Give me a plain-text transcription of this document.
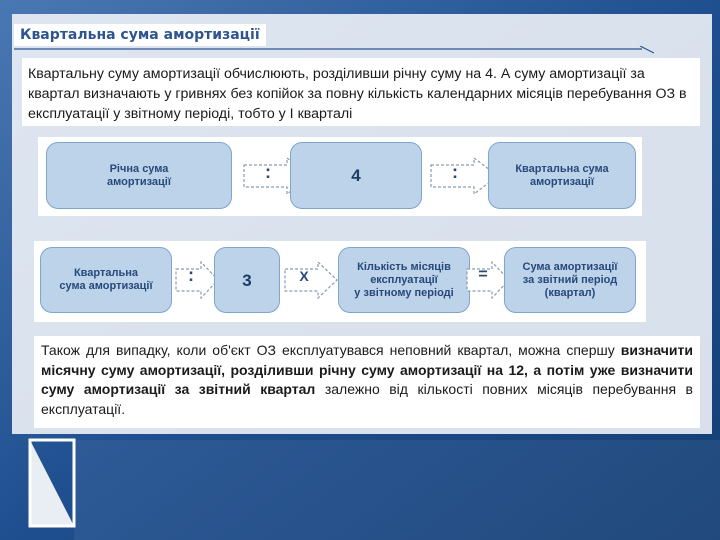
Квартальна сума амортизації
Квартальну суму амортизації обчислюють, розділивши річну суму на 4. А суму амортизації за квартал визначають у гривнях без копійок за повну кількість календарних місяців перебування ОЗ в експлуатації у звітному періоді, тобто у І кварталі
Річна сума
амортизації	:	4	:	Квартальна сума
амортизації
Квартальна
сума амортизації
:	3	Х
Кількість місяців
експлуатації
у звітному періоді
=	Сума амортизації
за звітний період
(квартал)
Також для випадку, коли об'єкт ОЗ експлуатувався неповний квартал, можна спершу визначити місячну суму амортизації, розділивши річну суму амортизації на 12, а потім уже визначити суму амортизації за звітний квартал залежно від кількості повних місяців перебування в експлуатації.
